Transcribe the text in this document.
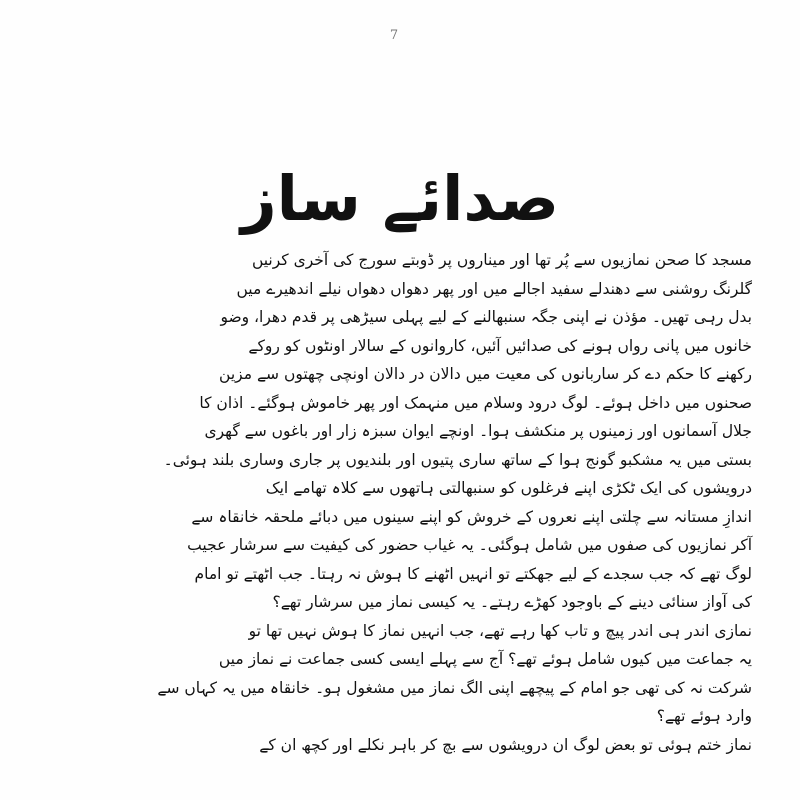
7
صدائے ساز
مسجد کا صحن نمازیوں سے پُر تھا اور میناروں پر ڈوبتے سورج کی آخری کرنیں
گلرنگ روشنی سے دھندلے سفید اجالے میں اور پھر دھواں دھواں نیلے اندھیرے میں
بدل رہی تھیں۔ مؤذن نے اپنی جگہ سنبھالنے کے لیے پہلی سیڑھی پر قدم دھرا، وضو
خانوں میں پانی رواں ہونے کی صدائیں آئیں، کاروانوں کے سالار اونٹوں کو روکے
رکھنے کا حکم دے کر ساربانوں کی معیت میں دالان در دالان اونچی چھتوں سے مزین
صحنوں میں داخل ہوئے۔ لوگ درود وسلام میں منہمک اور پھر خاموش ہوگئے۔ اذان کا
جلال آسمانوں اور زمینوں پر منکشف ہوا۔ اونچے ایوان سبزہ زار اور باغوں سے گھری
بستی میں یہ مشکبو گونج ہوا کے ساتھ ساری پتیوں اور بلندیوں پر جاری وساری بلند ہوئی۔
درویشوں کی ایک ٹکڑی اپنے فرغلوں کو سنبھالتی ہاتھوں سے کلاہ تھامے ایک
اندازِ مستانہ سے چلتی اپنے نعروں کے خروش کو اپنے سینوں میں دبائے ملحقہ خانقاہ سے
آکر نمازیوں کی صفوں میں شامل ہوگئی۔ یہ غیاب حضور کی کیفیت سے سرشار عجیب
لوگ تھے کہ جب سجدے کے لیے جھکتے تو انہیں اٹھنے کا ہوش نہ رہتا۔ جب اٹھتے تو امام
کی آواز سنائی دینے کے باوجود کھڑے رہتے۔ یہ کیسی نماز میں سرشار تھے؟
نمازی اندر ہی اندر پیچ و تاب کھا رہے تھے، جب انہیں نماز کا ہوش نہیں تھا تو
یہ جماعت میں کیوں شامل ہوئے تھے؟ آج سے پہلے ایسی کسی جماعت نے نماز میں
شرکت نہ کی تھی جو امام کے پیچھے اپنی الگ نماز میں مشغول ہو۔ خانقاہ میں یہ کہاں سے
وارد ہوئے تھے؟
نماز ختم ہوئی تو بعض لوگ ان درویشوں سے بچ کر باہر نکلے اور کچھ ان کے
